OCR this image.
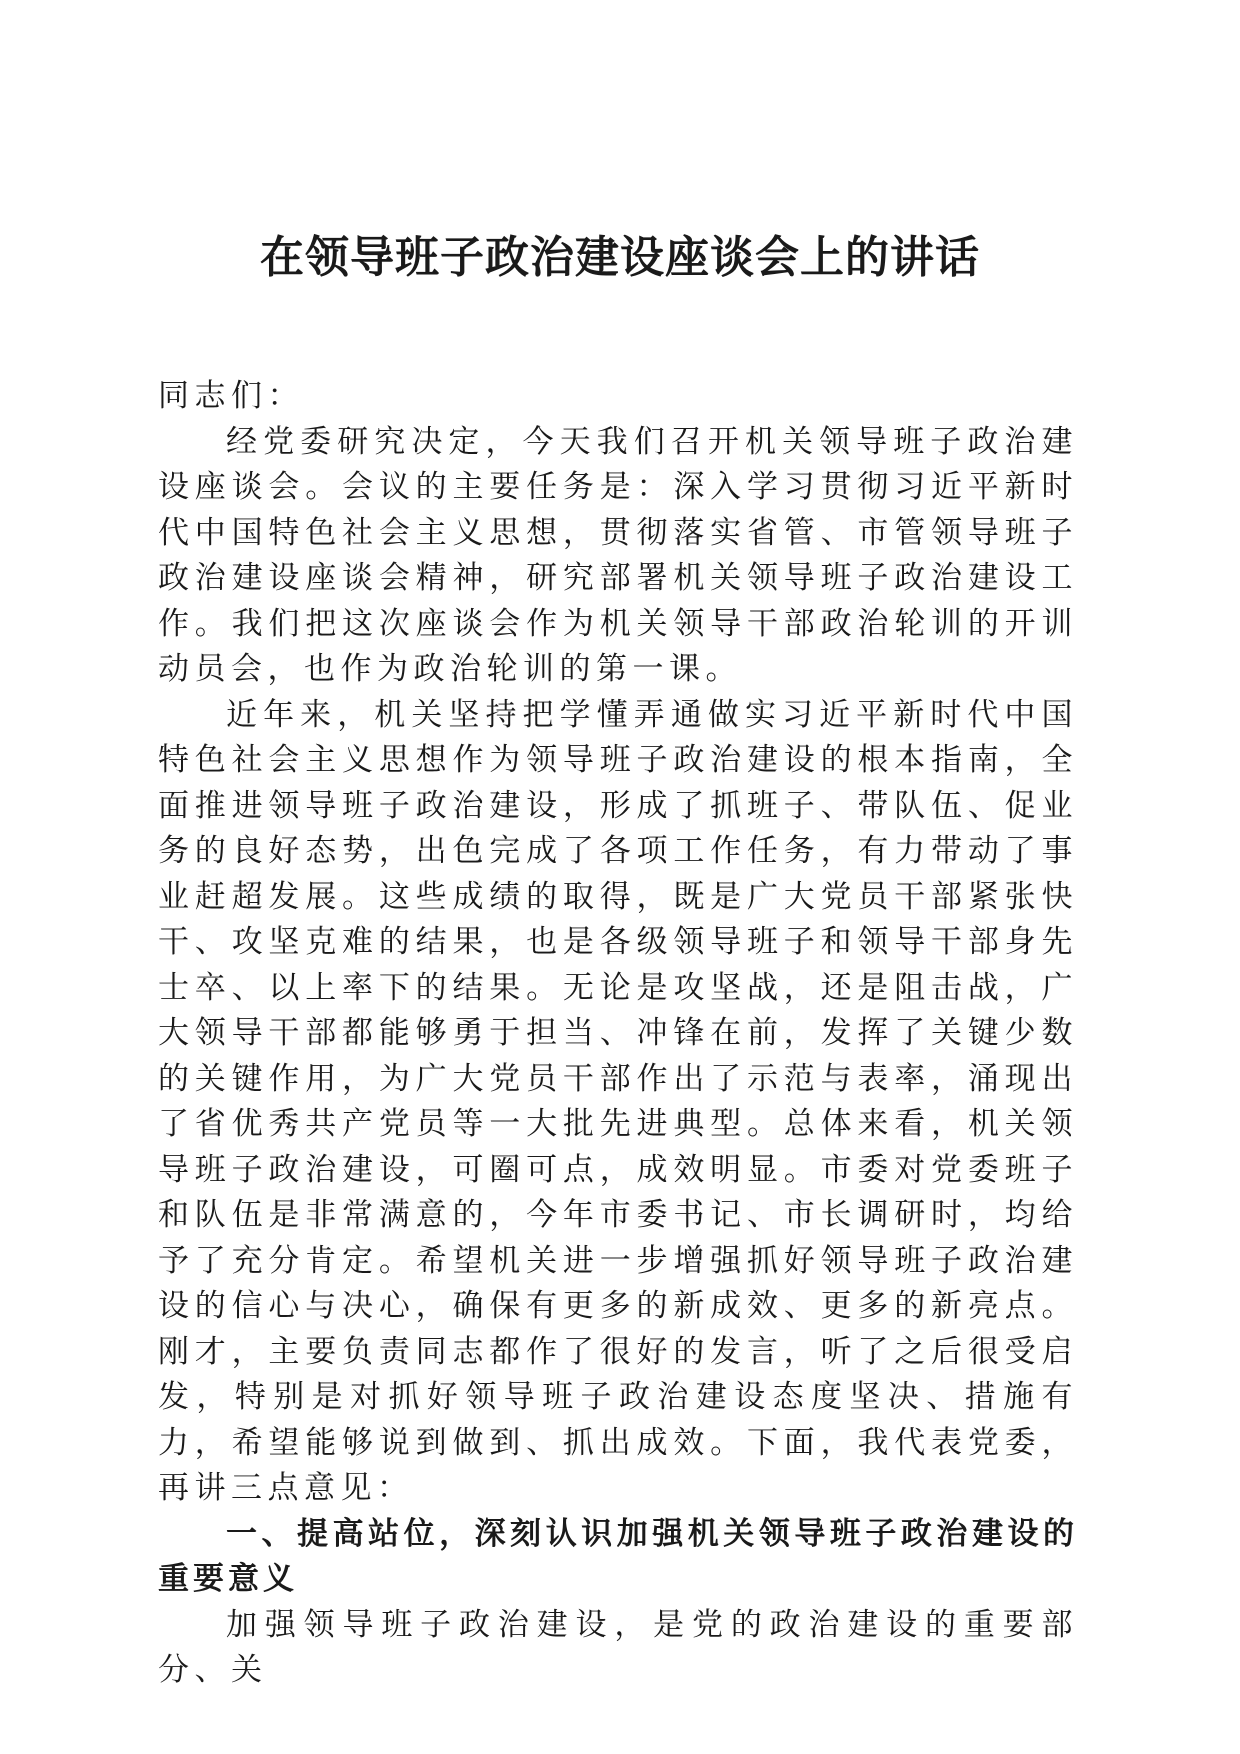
在领导班子政治建设座谈会上的讲话

同志们：

经党委研究决定，今天我们召开机关领导班子政治建设座谈会。会议的主要任务是：深入学习贯彻习近平新时代中国特色社会主义思想，贯彻落实省管、市管领导班子政治建设座谈会精神，研究部署机关领导班子政治建设工作。我们把这次座谈会作为机关领导干部政治轮训的开训动员会，也作为政治轮训的第一课。

近年来，机关坚持把学懂弄通做实习近平新时代中国特色社会主义思想作为领导班子政治建设的根本指南，全面推进领导班子政治建设，形成了抓班子、带队伍、促业务的良好态势，出色完成了各项工作任务，有力带动了事业赶超发展。这些成绩的取得，既是广大党员干部紧张快干、攻坚克难的结果，也是各级领导班子和领导干部身先士卒、以上率下的结果。无论是攻坚战，还是阻击战，广大领导干部都能够勇于担当、冲锋在前，发挥了关键少数的关键作用，为广大党员干部作出了示范与表率，涌现出了省优秀共产党员等一大批先进典型。总体来看，机关领导班子政治建设，可圈可点，成效明显。市委对党委班子和队伍是非常满意的，今年市委书记、市长调研时，均给予了充分肯定。希望机关进一步增强抓好领导班子政治建设的信心与决心，确保有更多的新成效、更多的新亮点。刚才，主要负责同志都作了很好的发言，听了之后很受启发，特别是对抓好领导班子政治建设态度坚决、措施有力，希望能够说到做到、抓出成效。下面，我代表党委，再讲三点意见：

一、提高站位，深刻认识加强机关领导班子政治建设的重要意义

加强领导班子政治建设，是党的政治建设的重要部分、关
